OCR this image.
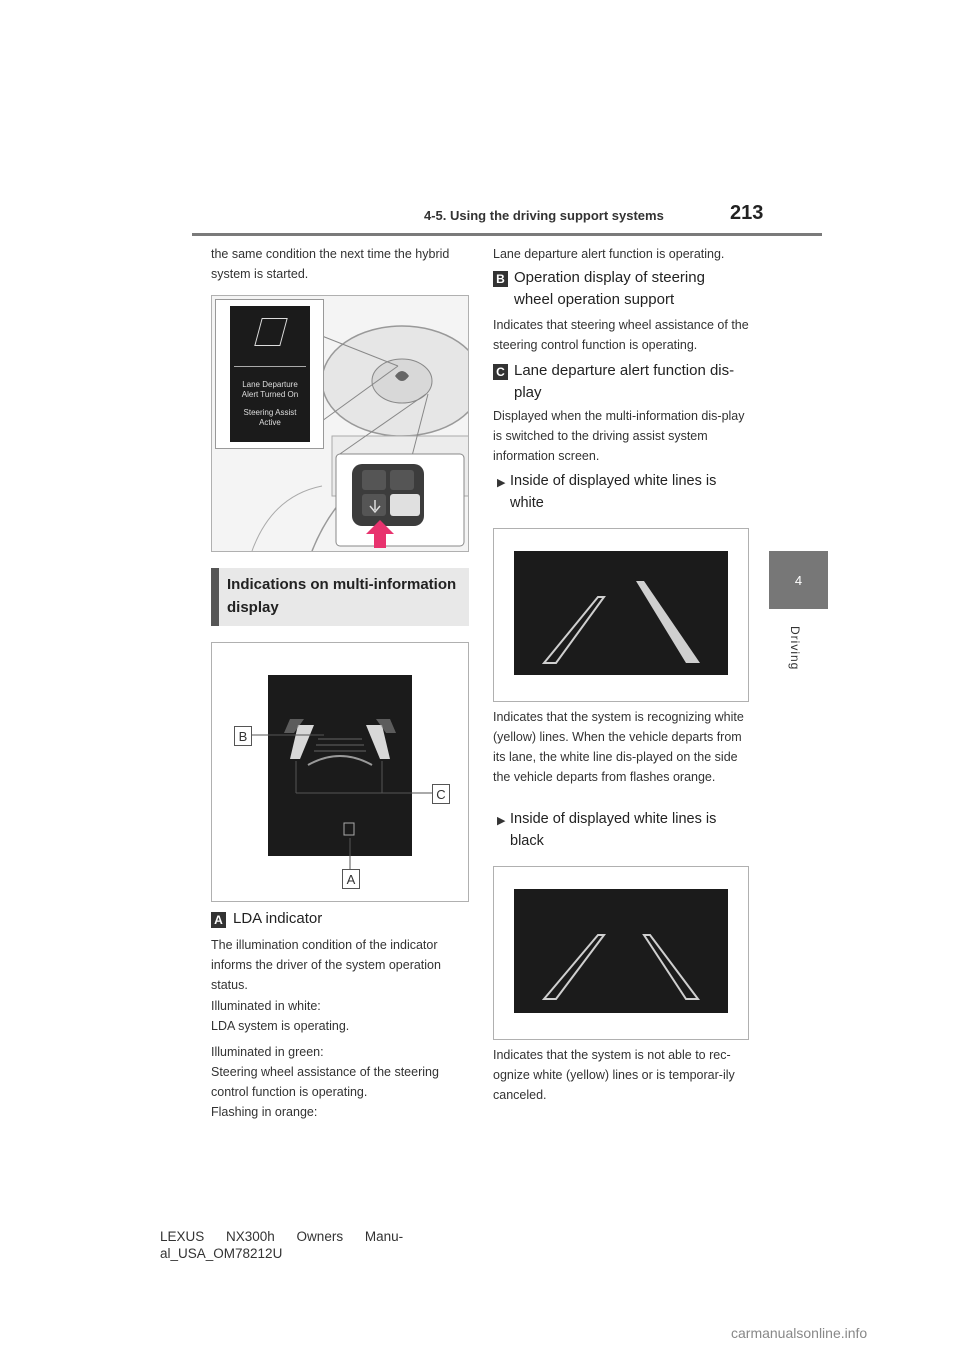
4-5. Using the driving support systems	213
4
Driving

the same condition the next time the hybrid system is started.

Lane Departure
Alert Turned On
Steering Assist
Active
Indications on multi-information display
B
C
A
A LDA indicator

The illumination condition of the indicator informs the driver of the system operation status.

Illuminated in white:

LDA system is operating.

Illuminated in green:

Steering wheel assistance of the steering control function is operating.

Flashing in orange:

Lane departure alert function is operating.

B Operation display of steering wheel operation support

Indicates that steering wheel assistance of the steering control function is operating.

C Lane departure alert function dis-play

Displayed when the multi-information dis-play is switched to the driving assist system information screen.

▶ Inside of displayed white lines is white

Indicates that the system is recognizing white (yellow) lines. When the vehicle departs from its lane, the white line dis-played on the side the vehicle departs from flashes orange.

▶ Inside of displayed white lines is black

Indicates that the system is not able to rec-ognize white (yellow) lines or is temporar-ily canceled.

LEXUS NX300h Owners Manu-
al_USA_OM78212U
carmanualsonline.info
